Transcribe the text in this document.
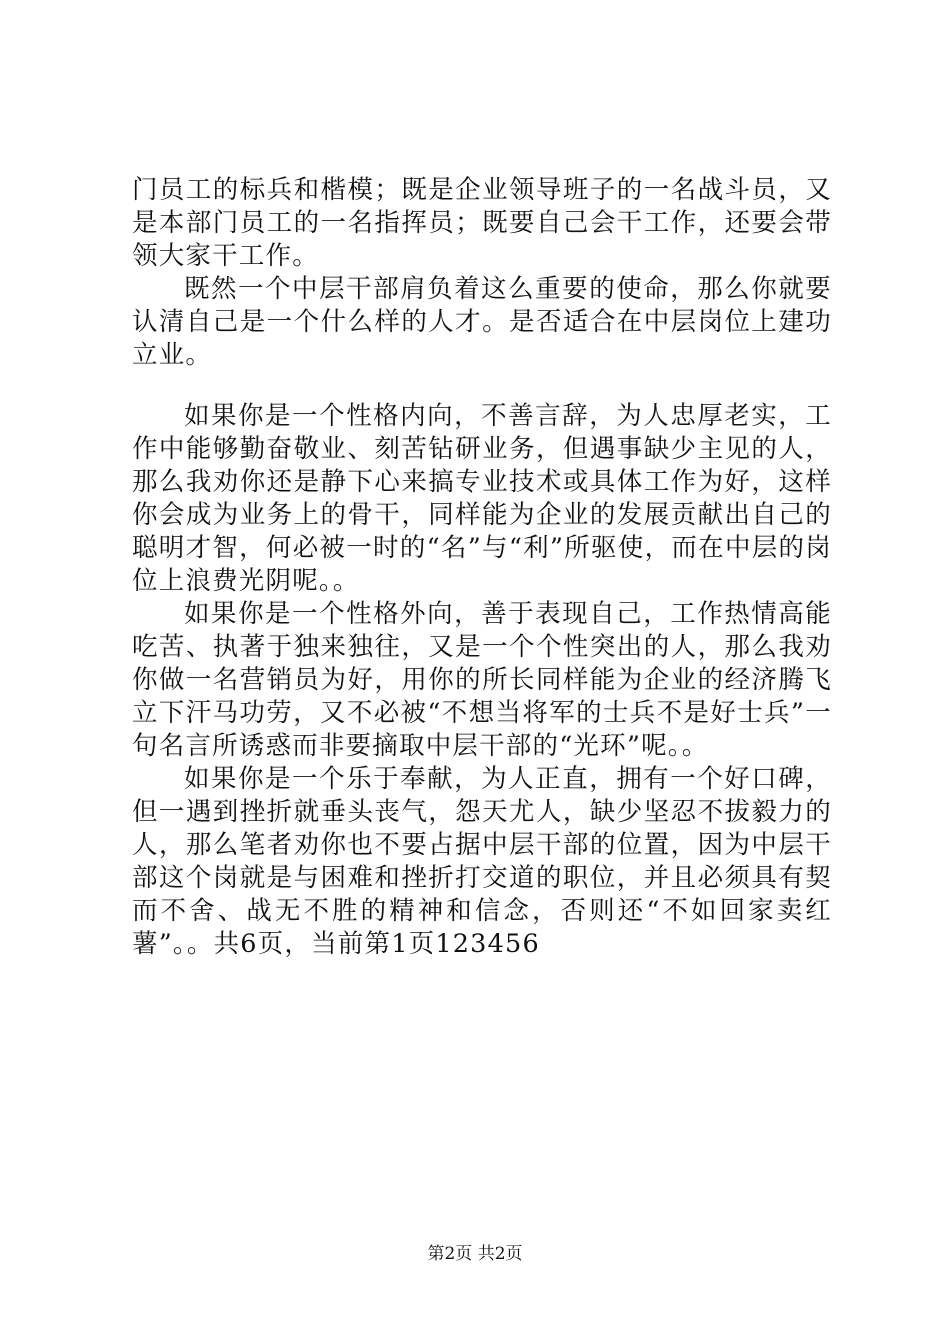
门员工的标兵和楷模；既是企业领导班子的一名战斗员，又是本部门员工的一名指挥员；既要自己会干工作，还要会带领大家干工作。

既然一个中层干部肩负着这么重要的使命，那么你就要认清自己是一个什么样的人才。是否适合在中层岗位上建功立业。

如果你是一个性格内向，不善言辞，为人忠厚老实，工作中能够勤奋敬业、刻苦钻研业务，但遇事缺少主见的人，那么我劝你还是静下心来搞专业技术或具体工作为好，这样你会成为业务上的骨干，同样能为企业的发展贡献出自己的聪明才智，何必被一时的“名”与“利”所驱使，而在中层的岗位上浪费光阴呢。。

如果你是一个性格外向，善于表现自己，工作热情高能吃苦、执著于独来独往，又是一个个性突出的人，那么我劝你做一名营销员为好，用你的所长同样能为企业的经济腾飞立下汗马功劳，又不必被“不想当将军的士兵不是好士兵”一句名言所诱惑而非要摘取中层干部的“光环”呢。。

如果你是一个乐于奉献，为人正直，拥有一个好口碑，但一遇到挫折就垂头丧气，怨天尤人，缺少坚忍不拔毅力的人，那么笔者劝你也不要占据中层干部的位置，因为中层干部这个岗就是与困难和挫折打交道的职位，并且必须具有契而不舍、战无不胜的精神和信念，否则还“不如回家卖红薯”。。共6页，当前第1页123456

第2页 共2页
